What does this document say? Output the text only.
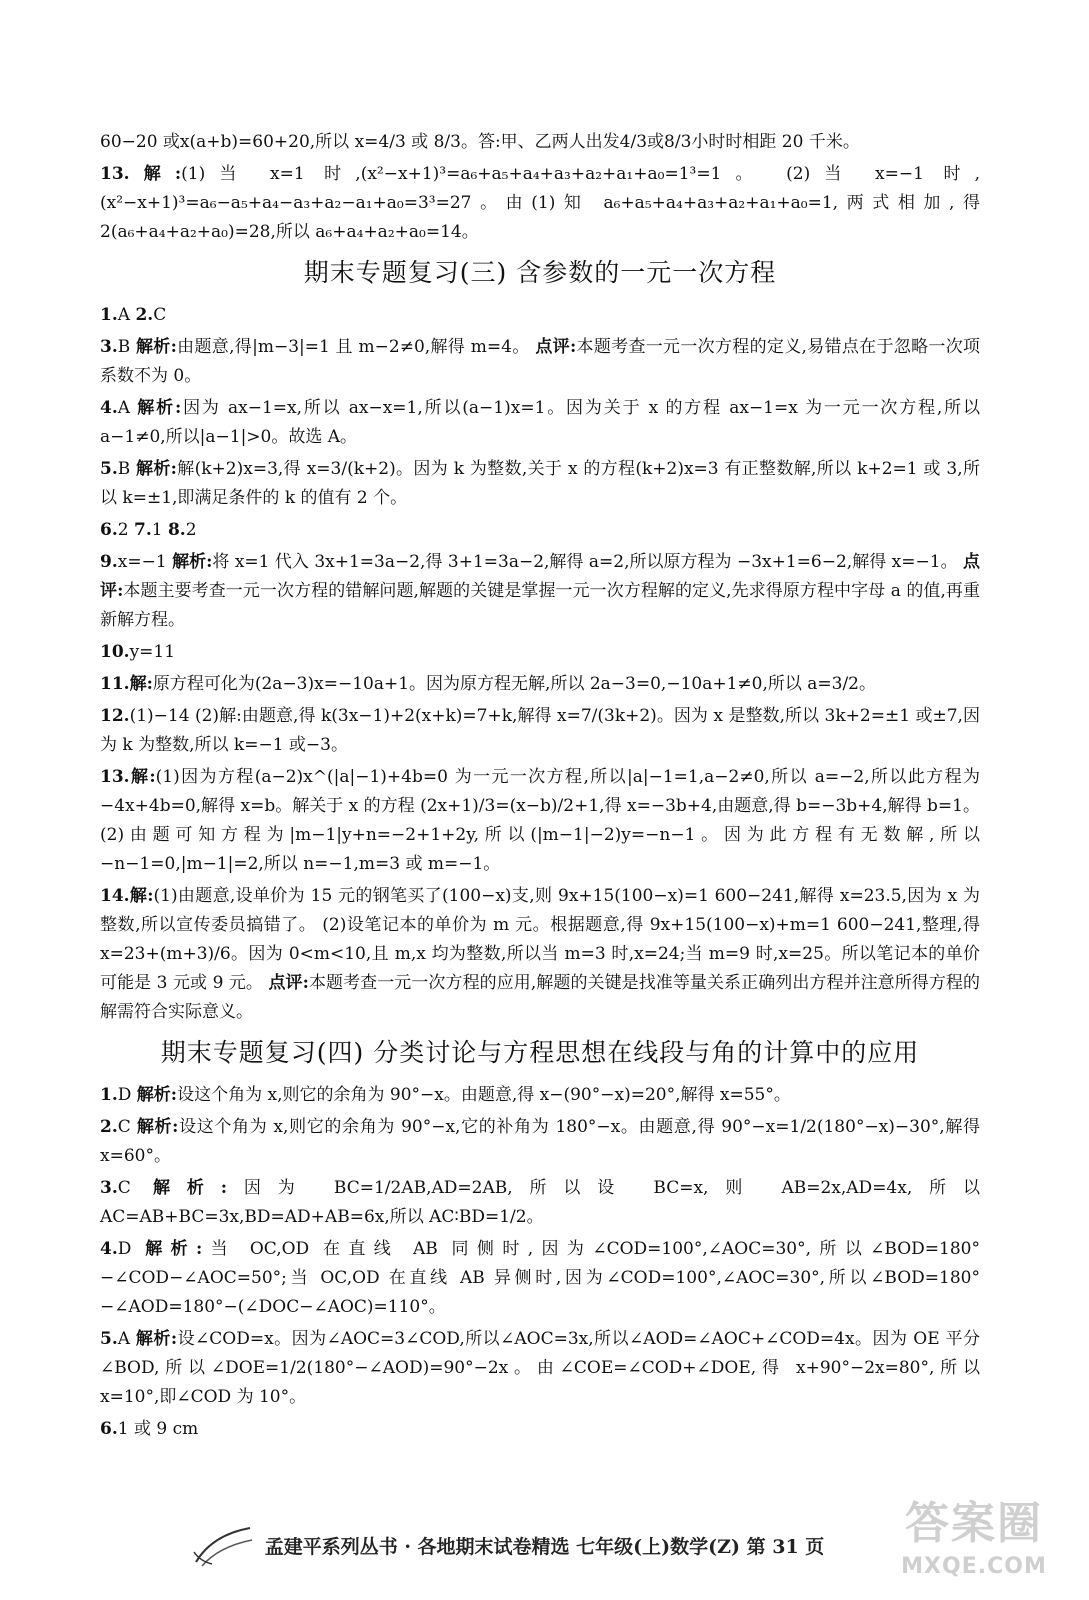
60−20 或x(a+b)=60+20,所以 x=4/3 或 8/3。答:甲、乙两人出发4/3或8/3小时时相距 20 千米。

13.解:(1)当 x=1 时,(x²−x+1)³=a₆+a₅+a₄+a₃+a₂+a₁+a₀=1³=1。 (2)当 x=−1 时,(x²−x+1)³=a₆−a₅+a₄−a₃+a₂−a₁+a₀=3³=27。由(1)知 a₆+a₅+a₄+a₃+a₂+a₁+a₀=1,两式相加,得 2(a₆+a₄+a₂+a₀)=28,所以 a₆+a₄+a₂+a₀=14。

期末专题复习(三) 含参数的一元一次方程

1.A 2.C

3.B 解析:由题意,得|m−3|=1 且 m−2≠0,解得 m=4。 点评:本题考查一元一次方程的定义,易错点在于忽略一次项系数不为 0。

4.A 解析:因为 ax−1=x,所以 ax−x=1,所以(a−1)x=1。因为关于 x 的方程 ax−1=x 为一元一次方程,所以 a−1≠0,所以|a−1|>0。故选 A。

5.B 解析:解(k+2)x=3,得 x=3/(k+2)。因为 k 为整数,关于 x 的方程(k+2)x=3 有正整数解,所以 k+2=1 或 3,所以 k=±1,即满足条件的 k 的值有 2 个。

6.2 7.1 8.2

9.x=−1 解析:将 x=1 代入 3x+1=3a−2,得 3+1=3a−2,解得 a=2,所以原方程为 −3x+1=6−2,解得 x=−1。 点评:本题主要考查一元一次方程的错解问题,解题的关键是掌握一元一次方程解的定义,先求得原方程中字母 a 的值,再重新解方程。

10.y=11

11.解:原方程可化为(2a−3)x=−10a+1。因为原方程无解,所以 2a−3=0,−10a+1≠0,所以 a=3/2。

12.(1)−14 (2)解:由题意,得 k(3x−1)+2(x+k)=7+k,解得 x=7/(3k+2)。因为 x 是整数,所以 3k+2=±1 或±7,因为 k 为整数,所以 k=−1 或−3。

13.解:(1)因为方程(a−2)x^(|a|−1)+4b=0 为一元一次方程,所以|a|−1=1,a−2≠0,所以 a=−2,所以此方程为 −4x+4b=0,解得 x=b。解关于 x 的方程 (2x+1)/3=(x−b)/2+1,得 x=−3b+4,由题意,得 b=−3b+4,解得 b=1。 (2)由题可知方程为|m−1|y+n=−2+1+2y,所以(|m−1|−2)y=−n−1。因为此方程有无数解,所以 −n−1=0,|m−1|=2,所以 n=−1,m=3 或 m=−1。

14.解:(1)由题意,设单价为 15 元的钢笔买了(100−x)支,则 9x+15(100−x)=1 600−241,解得 x=23.5,因为 x 为整数,所以宣传委员搞错了。 (2)设笔记本的单价为 m 元。根据题意,得 9x+15(100−x)+m=1 600−241,整理,得 x=23+(m+3)/6。因为 0<m<10,且 m,x 均为整数,所以当 m=3 时,x=24;当 m=9 时,x=25。所以笔记本的单价可能是 3 元或 9 元。 点评:本题考查一元一次方程的应用,解题的关键是找准等量关系正确列出方程并注意所得方程的解需符合实际意义。

期末专题复习(四) 分类讨论与方程思想在线段与角的计算中的应用

1.D 解析:设这个角为 x,则它的余角为 90°−x。由题意,得 x−(90°−x)=20°,解得 x=55°。

2.C 解析:设这个角为 x,则它的余角为 90°−x,它的补角为 180°−x。由题意,得 90°−x=1/2(180°−x)−30°,解得 x=60°。

3.C 解析:因为 BC=1/2AB,AD=2AB,所以设 BC=x,则 AB=2x,AD=4x,所以 AC=AB+BC=3x,BD=AD+AB=6x,所以 AC∶BD=1/2。

4.D 解析:当 OC,OD 在直线 AB 同侧时,因为∠COD=100°,∠AOC=30°,所以∠BOD=180°−∠COD−∠AOC=50°;当 OC,OD 在直线 AB 异侧时,因为∠COD=100°,∠AOC=30°,所以∠BOD=180°−∠AOD=180°−(∠DOC−∠AOC)=110°。

5.A 解析:设∠COD=x。因为∠AOC=3∠COD,所以∠AOC=3x,所以∠AOD=∠AOC+∠COD=4x。因为 OE 平分∠BOD,所以∠DOE=1/2(180°−∠AOD)=90°−2x。由∠COE=∠COD+∠DOE,得 x+90°−2x=80°,所以 x=10°,即∠COD 为 10°。

6.1 或 9 cm

孟建平系列丛书 · 各地期末试卷精选 七年级(上)数学(Z) 第 31 页	答案圈
MXQE.COM
